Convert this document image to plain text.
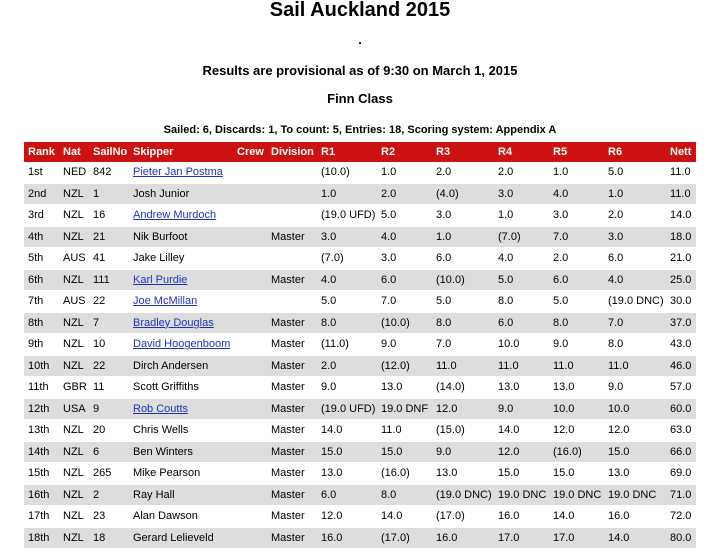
Sail Auckland 2015
.
Results are provisional as of 9:30 on March 1, 2015
Finn Class
Sailed: 6, Discards: 1, To count: 5, Entries: 18, Scoring system: Appendix A
Rank	Nat	SailNo	Skipper	Crew	Division	R1	R2	R3	R4	R5	R6	Nett
1st	NED	842	Pieter Jan Postma			(10.0)	1.0	2.0	2.0	1.0	5.0	11.0
2nd	NZL	1	Josh Junior			1.0	2.0	(4.0)	3.0	4.0	1.0	11.0
3rd	NZL	16	Andrew Murdoch			(19.0 UFD)	5.0	3.0	1.0	3.0	2.0	14.0
4th	NZL	21	Nik Burfoot		Master	3.0	4.0	1.0	(7.0)	7.0	3.0	18.0
5th	AUS	41	Jake Lilley			(7.0)	3.0	6.0	4.0	2.0	6.0	21.0
6th	NZL	111	Karl Purdie		Master	4.0	6.0	(10.0)	5.0	6.0	4.0	25.0
7th	AUS	22	Joe McMillan			5.0	7.0	5.0	8.0	5.0	(19.0 DNC)	30.0
8th	NZL	7	Bradley Douglas		Master	8.0	(10.0)	8.0	6.0	8.0	7.0	37.0
9th	NZL	10	David Hoogenboom		Master	(11.0)	9.0	7.0	10.0	9.0	8.0	43.0
10th	NZL	22	Dirch Andersen		Master	2.0	(12.0)	11.0	11.0	11.0	11.0	46.0
11th	GBR	11	Scott Griffiths		Master	9.0	13.0	(14.0)	13.0	13.0	9.0	57.0
12th	USA	9	Rob Coutts		Master	(19.0 UFD)	19.0 DNF	12.0	9.0	10.0	10.0	60.0
13th	NZL	20	Chris Wells		Master	14.0	11.0	(15.0)	14.0	12.0	12.0	63.0
14th	NZL	6	Ben Winters		Master	15.0	15.0	9.0	12.0	(16.0)	15.0	66.0
15th	NZL	265	Mike Pearson		Master	13.0	(16.0)	13.0	15.0	15.0	13.0	69.0
16th	NZL	2	Ray Hall		Master	6.0	8.0	(19.0 DNC)	19.0 DNC	19.0 DNC	19.0 DNC	71.0
17th	NZL	23	Alan Dawson		Master	12.0	14.0	(17.0)	16.0	14.0	16.0	72.0
18th	NZL	18	Gerard Lelieveld		Master	16.0	(17.0)	16.0	17.0	17.0	14.0	80.0
